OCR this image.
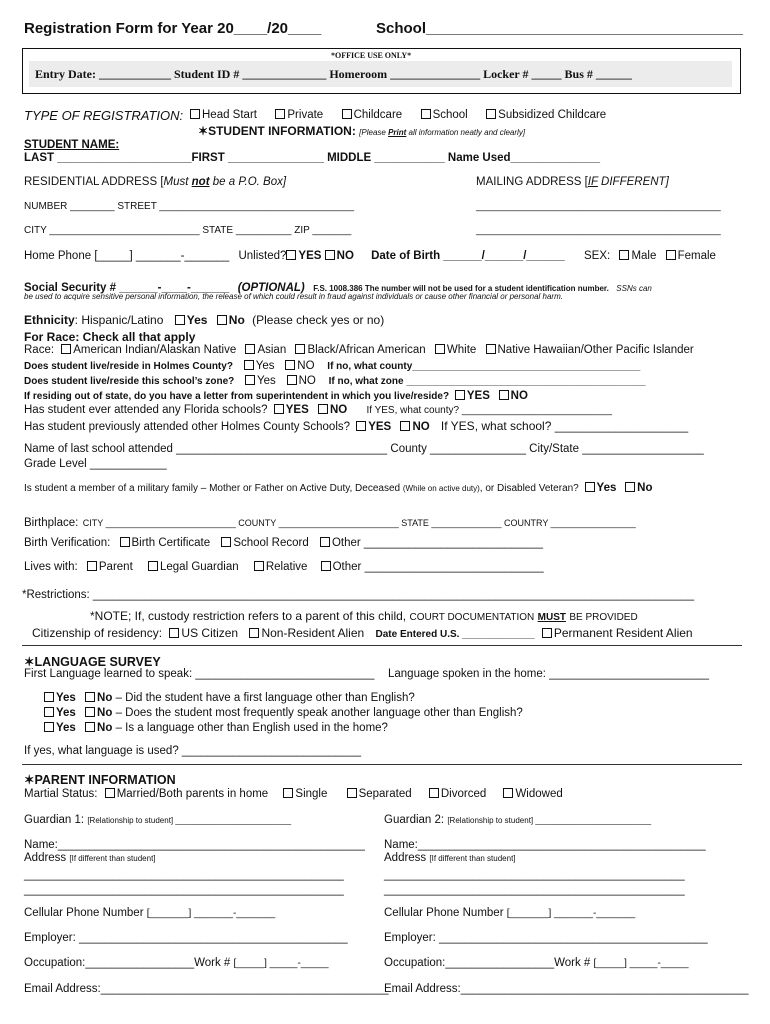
Registration Form for Year 20____/20____	School______________________________________
*OFFICE USE ONLY*
Entry Date: ____________ Student ID # ______________ Homeroom _______________ Locker # _____ Bus # ______
TYPE OF REGISTRATION:	Head Start	Private	Childcare	School	Subsidized Childcare
✶STUDENT INFORMATION: [Please Print all information neatly and clearly]
STUDENT NAME:
LAST _____________________FIRST _______________ MIDDLE ___________ Name Used______________
RESIDENTIAL ADDRESS [Must not be a P.O. Box]	MAILING ADDRESS [IF DIFFERENT]
NUMBER ________ STREET ___________________________________	____________________________________________
CITY ___________________________ STATE __________ ZIP _______	____________________________________________
Home Phone [_____] _______-_______ Unlisted? YES NO Date of Birth ______/______/______ SEX: Male Female
Social Security # ______-____-______ (OPTIONAL) F.S. 1008.386 The number will not be used for a student identification number. SSNs can
be used to acquire sensitive personal information, the release of which could result in fraud against individuals or cause other financial or personal harm.
Ethnicity: Hispanic/Latino Yes No (Please check yes or no)
For Race: Check all that apply
Race: American Indian/Alaskan Native Asian Black/African American White Native Hawaiian/Other Pacific Islander
Does student live/reside in Holmes County? Yes NO If no, what county_________________________________________
Does student live/reside this school’s zone? Yes NO If no, what zone ___________________________________________
If residing out of state, do you have a letter from superintendent in which you live/reside? YES NO
Has student ever attended any Florida schools? YES NO If YES, what county? ___________________________
Has student previously attended other Holmes County Schools? YES NO If YES, what school? ____________________
Name of last school attended _________________________________ County _______________ City/State ___________________
Grade Level ____________
Is student a member of a military family – Mother or Father on Active Duty, Deceased (While on active duty), or Disabled Veteran? Yes No
Birthplace: CITY __________________________ COUNTY ________________________ STATE ______________ COUNTRY _________________
Birth Verification: Birth Certificate School Record Other ____________________________
Lives with: Parent Legal Guardian Relative Other ____________________________
*Restrictions: ______________________________________________________________________________________________
*NOTE; If, custody restriction refers to a parent of this child, COURT DOCUMENTATION MUST BE PROVIDED
Citizenship of residency: US Citizen Non-Resident Alien Date Entered U.S. _____________ Permanent Resident Alien
✶LANGUAGE SURVEY
First Language learned to speak: ____________________________ Language spoken in the home: _________________________
Yes No – Did the student have a first language other than English?
Yes No – Does the student most frequently speak another language other than English?
Yes No – Is a language other than English used in the home?
If yes, what language is used? ____________________________
✶PARENT INFORMATION
Martial Status: Married/Both parents in home Single	Separated	Divorced	Widowed
Guardian 1: [Relationship to student] __________________________	Guardian 2: [Relationship to student] __________________________
Name:________________________________________________ Name:_____________________________________________
Address [If different than student]	Address [If different than student]
__________________________________________________	_______________________________________________
__________________________________________________	_______________________________________________
Cellular Phone Number [_______] _______-_______	Cellular Phone Number [_______] _______-_______
Employer: __________________________________________	Employer: __________________________________________
Occupation:_________________Work # [_____] _____-_____	Occupation:_________________Work # [_____] _____-_____
Email Address:_____________________________________________
Email Address:_____________________________________________
